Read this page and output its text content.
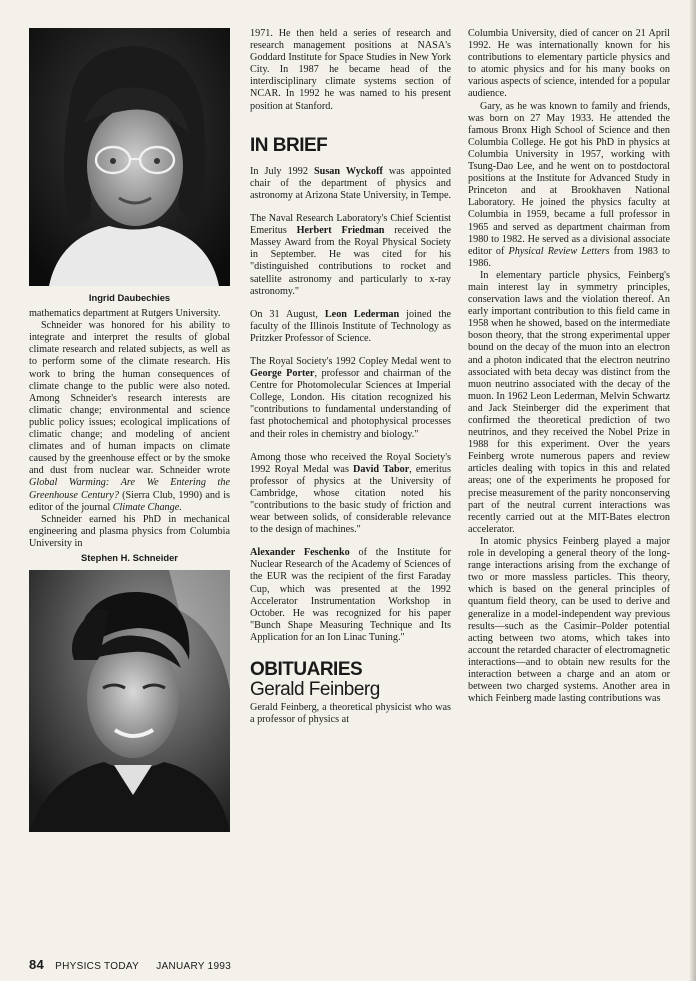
Ingrid Daubechies

mathematics department at Rutgers University.

Schneider was honored for his ability to integrate and interpret the results of global climate research and related subjects, as well as to perform some of the climate research. His work to bring the human consequences of climate change to the public were also noted. Among Schneider's research interests are climatic change; environmental and science public policy issues; ecological implications of climatic change; and modeling of ancient climates and of human impacts on climate caused by the greenhouse effect or by the smoke and dust from nuclear war. Schneider wrote Global Warming: Are We Entering the Greenhouse Century? (Sierra Club, 1990) and is editor of the journal Climate Change.

Schneider earned his PhD in mechanical engineering and plasma physics from Columbia University in

Stephen H. Schneider

1971. He then held a series of research and research management positions at NASA's Goddard Institute for Space Studies in New York City. In 1987 he became head of the interdisciplinary climate systems section of NCAR. In 1992 he was named to his present position at Stanford.

IN BRIEF

In July 1992 Susan Wyckoff was appointed chair of the department of physics and astronomy at Arizona State University, in Tempe.

The Naval Research Laboratory's Chief Scientist Emeritus Herbert Friedman received the Massey Award from the Royal Physical Society in September. He was cited for his "distinguished contributions to rocket and satellite astronomy and particularly to x-ray astronomy."

On 31 August, Leon Lederman joined the faculty of the Illinois Institute of Technology as Pritzker Professor of Science.

The Royal Society's 1992 Copley Medal went to George Porter, professor and chairman of the Centre for Photomolecular Sciences at Imperial College, London. His citation recognized his "contributions to fundamental understanding of fast photochemical and photophysical processes and their roles in chemistry and biology."

Among those who received the Royal Society's 1992 Royal Medal was David Tabor, emeritus professor of physics at the University of Cambridge, whose citation noted his "contributions to the basic study of friction and wear between solids, of considerable relevance to the design of machines."

Alexander Feschenko of the Institute for Nuclear Research of the Academy of Sciences of the EUR was the recipient of the first Faraday Cup, which was presented at the 1992 Accelerator Instrumentation Workshop in October. He was recognized for his paper "Bunch Shape Measuring Technique and Its Application for an Ion Linac Tuning."

OBITUARIES
Gerald Feinberg

Gerald Feinberg, a theoretical physicist who was a professor of physics at

Columbia University, died of cancer on 21 April 1992. He was internationally known for his contributions to elementary particle physics and to atomic physics and for his many books on various aspects of science, intended for a popular audience.

Gary, as he was known to family and friends, was born on 27 May 1933. He attended the famous Bronx High School of Science and then Columbia College. He got his PhD in physics at Columbia University in 1957, working with Tsung-Dao Lee, and he went on to postdoctoral positions at the Institute for Advanced Study in Princeton and at Brookhaven National Laboratory. He joined the physics faculty at Columbia in 1959, became a full professor in 1965 and served as department chairman from 1980 to 1982. He served as a divisional associate editor of Physical Review Letters from 1983 to 1986.

In elementary particle physics, Feinberg's main interest lay in symmetry principles, conservation laws and the violation thereof. An early important contribution to this field came in 1958 when he showed, based on the intermediate boson theory, that the strong experimental upper bound on the decay of the muon into an electron and a photon indicated that the electron neutrino associated with beta decay was distinct from the muon neutrino associated with the decay of the muon. In 1962 Leon Lederman, Melvin Schwartz and Jack Steinberger did the experiment that confirmed the theoretical prediction of two neutrinos, and they received the Nobel Prize in 1988 for this experiment. Over the years Feinberg wrote numerous papers and review articles dealing with topics in this and related areas; one of the experiments he proposed for precise measurement of the parity nonconserving part of the neutral current interactions was recently carried out at the MIT-Bates electron accelerator.

In atomic physics Feinberg played a major role in developing a general theory of the long-range interactions arising from the exchange of two or more massless particles. This theory, which is based on the general principles of quantum field theory, can be used to derive and generalize in a model-independent way previous results—such as the Casimir–Polder potential acting between two atoms, which takes into account the retarded character of electromagnetic interactions—and to obtain new results for the interaction between a charge and an atom or between two charged systems. Another area in which Feinberg made lasting contributions was

84 PHYSICS TODAY JANUARY 1993
